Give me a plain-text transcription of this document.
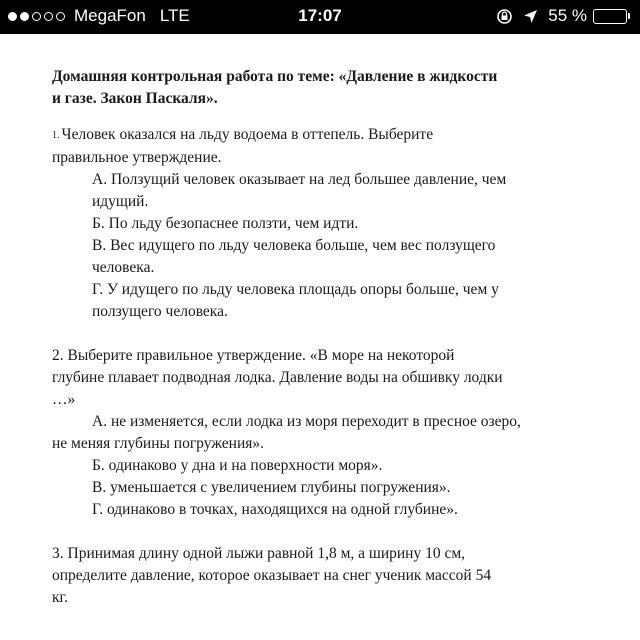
MegaFon LTE	17:07	55 %
Домашняя контрольная работа по теме: «Давление в жидкости
и газе. Закон Паскаля».
1. Человек оказался на льду водоема в оттепель. Выберите
правильное утверждение.
А. Ползущий человек оказывает на лед большее давление, чем
идущий.
Б. По льду безопаснее ползти, чем идти.
В. Вес идущего по льду человека больше, чем вес ползущего
человека.
Г. У идущего по льду человека площадь опоры больше, чем у
ползущего человека.
2. Выберите правильное утверждение. «В море на некоторой
глубине плавает подводная лодка. Давление воды на обшивку лодки
…»
А. не изменяется, если лодка из моря переходит в пресное озеро,
не меняя глубины погружения».
Б. одинаково у дна и на поверхности моря».
В. уменьшается с увеличением глубины погружения».
Г. одинаково в точках, находящихся на одной глубине».
3. Принимая длину одной лыжи равной 1,8 м, а ширину 10 см,
определите давление, которое оказывает на снег ученик массой 54
кг.
